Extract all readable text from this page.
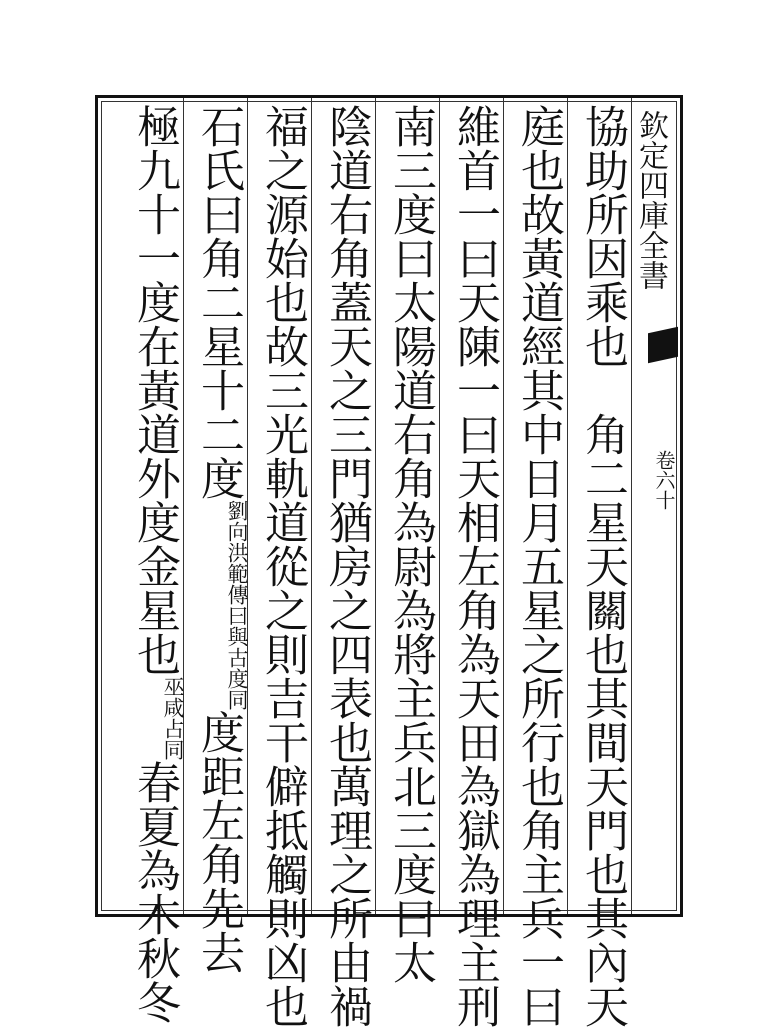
欽定四庫全書
卷六十
協助所因乘也　角二星天關也其間天門也其內天
庭也故黃道經其中日月五星之所行也角主兵一曰
維首一曰天陳一曰天相左角為天田為獄為理主刑
南三度曰太陽道右角為尉為將主兵北三度曰太
陰道右角蓋天之三門猶房之四表也萬理之所由禍
福之源始也故三光軌道從之則吉干僻抵觸則凶也
石氏曰角二星十二度劉向洪範傳曰與古度同度距左角先去
極九十一度在黃道外度金星也巫咸占同春夏為木秋冬
